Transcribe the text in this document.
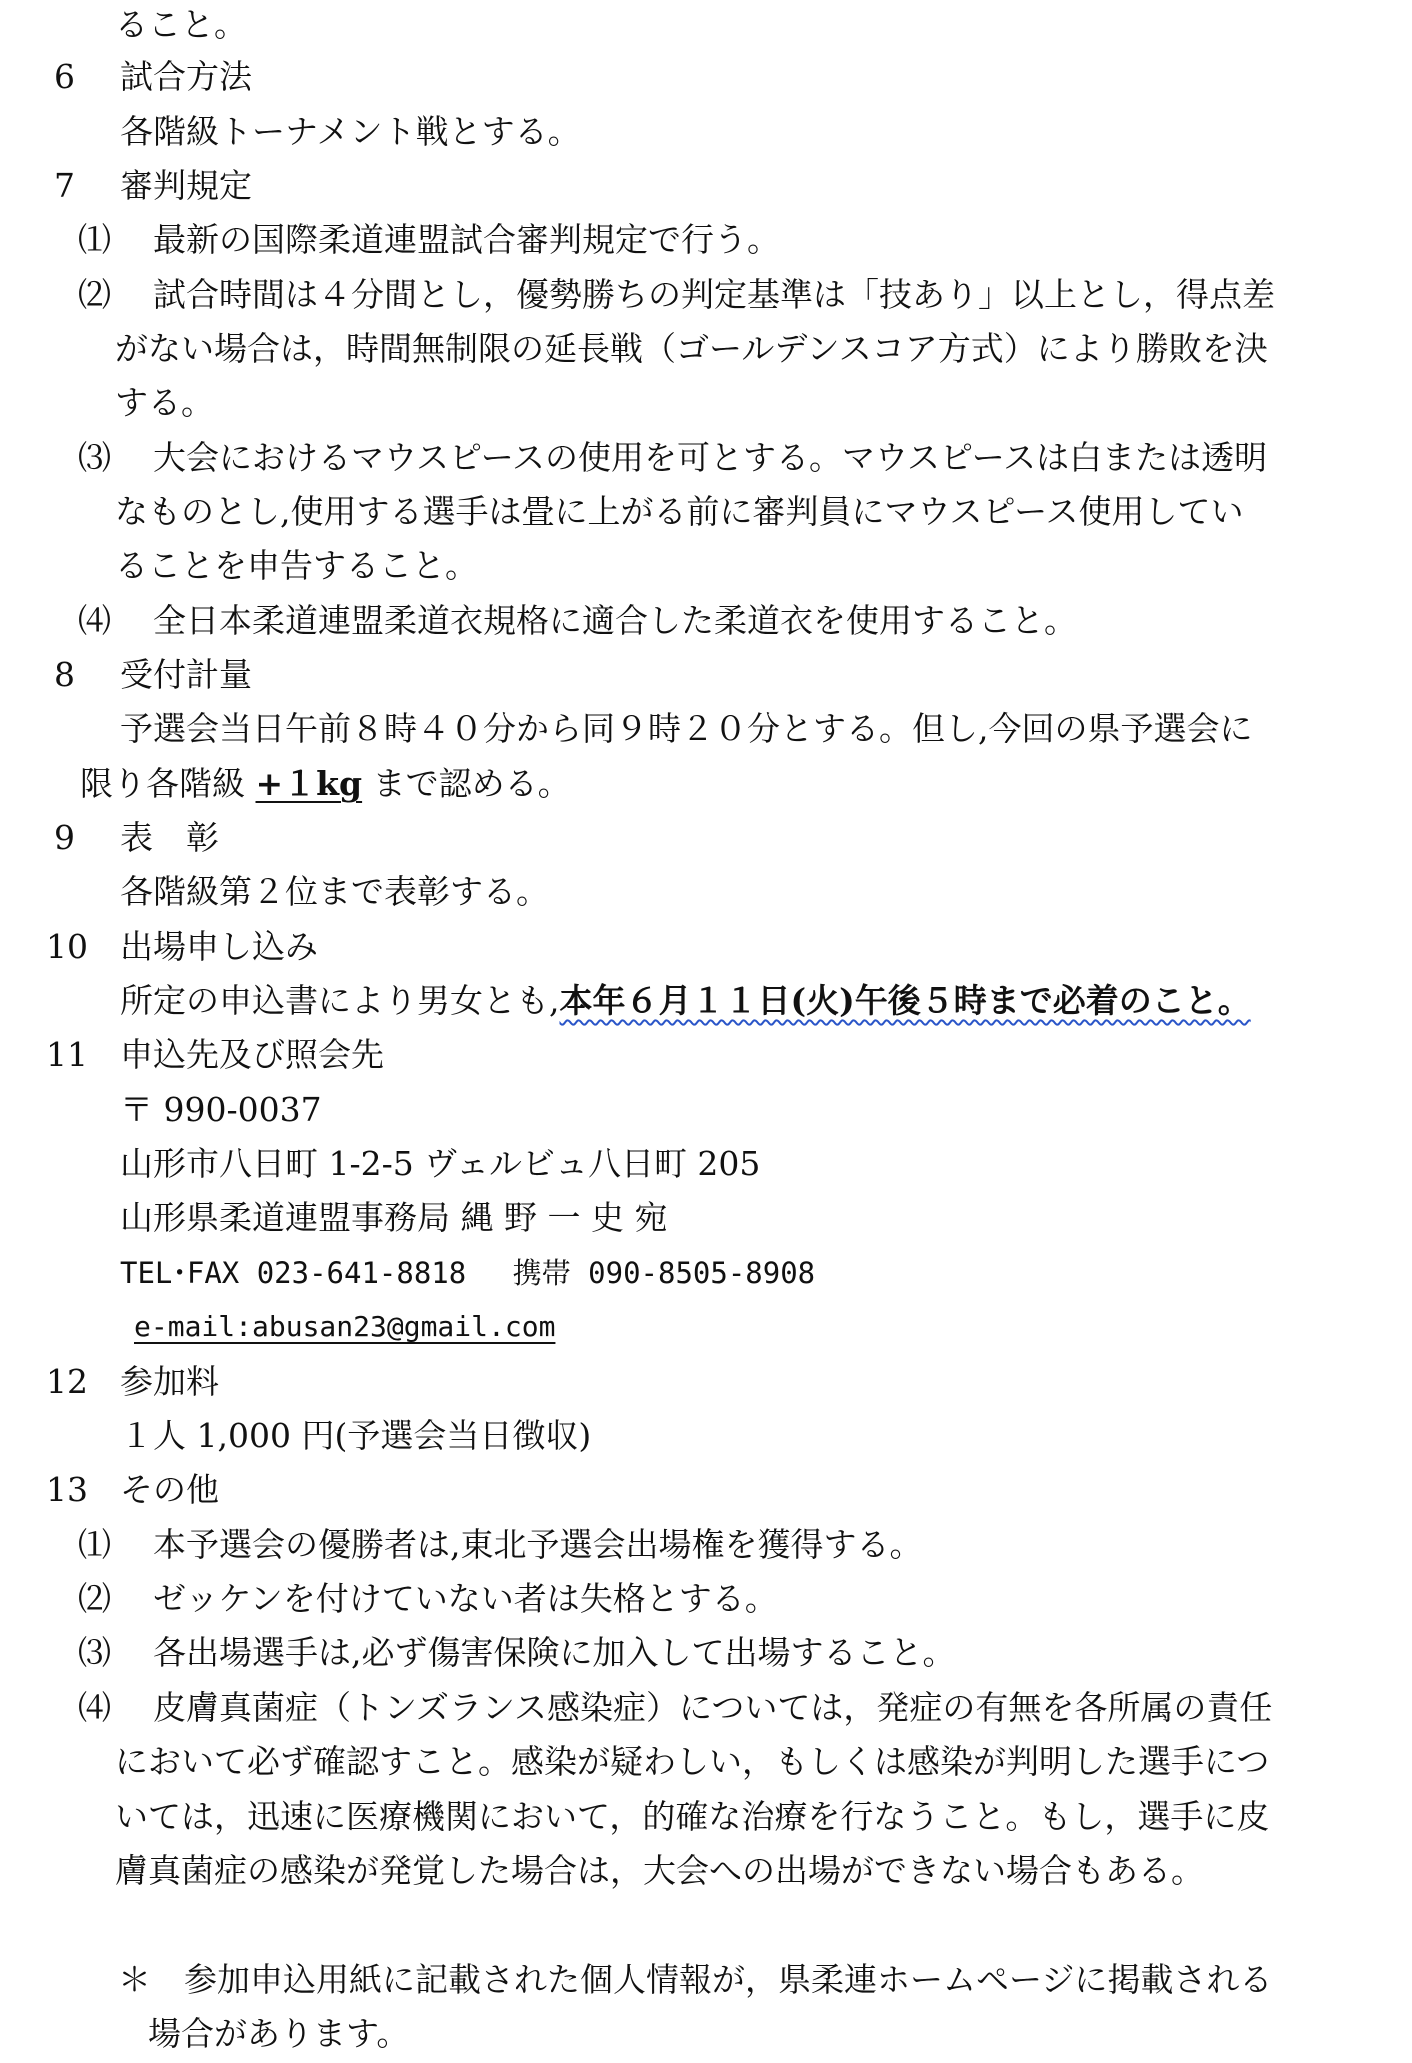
ること。
6 試合方法
各階級トーナメント戦とする。
7 審判規定
⑴ 最新の国際柔道連盟試合審判規定で行う。
⑵ 試合時間は４分間とし，優勢勝ちの判定基準は「技あり」以上とし，得点差
がない場合は，時間無制限の延長戦（ゴールデンスコア方式）により勝敗を決
する。
⑶ 大会におけるマウスピースの使用を可とする。マウスピースは白または透明
なものとし,使用する選手は畳に上がる前に審判員にマウスピース使用してい
ることを申告すること。
⑷ 全日本柔道連盟柔道衣規格に適合した柔道衣を使用すること。
8 受付計量
予選会当日午前８時４０分から同９時２０分とする。但し,今回の県予選会に
限り各階級 +１kg まで認める。
9 表　彰
各階級第２位まで表彰する。
10 出場申し込み
所定の申込書により男女とも,本年６月１１日(火)午後５時まで必着のこと。
11 申込先及び照会先
〒 990-0037
山形市八日町 1-2-5 ヴェルビュ八日町 205
山形県柔道連盟事務局 縄 野 一 史 宛
TEL･FAX 023-641-8818　 携帯 090-8505-8908
e-mail:abusan23@gmail.com
12 参加料
１人 1,000 円(予選会当日徴収)
13 その他
⑴ 本予選会の優勝者は,東北予選会出場権を獲得する。
⑵ ゼッケンを付けていない者は失格とする。
⑶ 各出場選手は,必ず傷害保険に加入して出場すること。
⑷ 皮膚真菌症（トンズランス感染症）については，発症の有無を各所属の責任
において必ず確認すこと。感染が疑わしい，もしくは感染が判明した選手につ
いては，迅速に医療機関において，的確な治療を行なうこと。もし，選手に皮
膚真菌症の感染が発覚した場合は，大会への出場ができない場合もある。
＊ 参加申込用紙に記載された個人情報が，県柔連ホームページに掲載される
場合があります。
